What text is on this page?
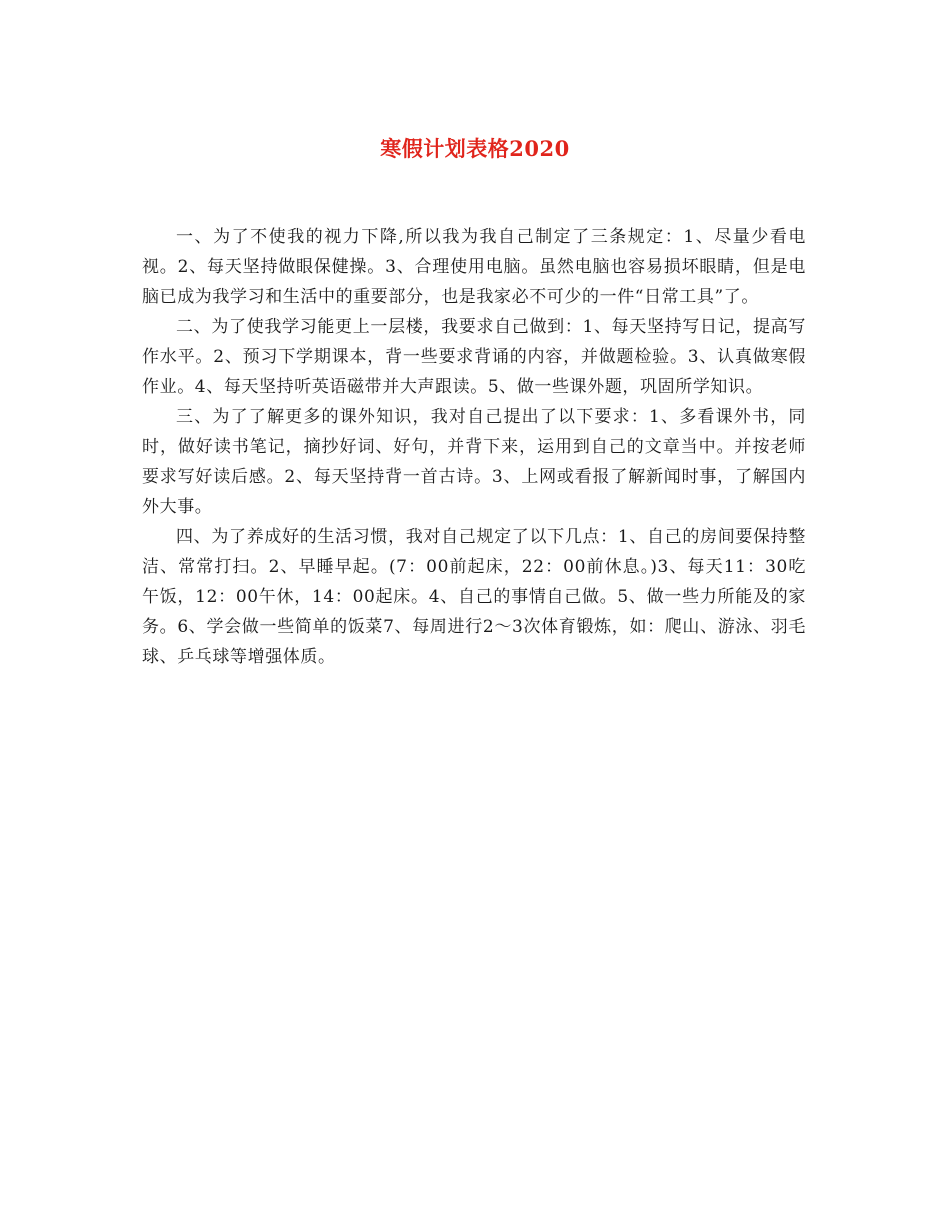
寒假计划表格2020

一、为了不使我的视力下降,所以我为我自己制定了三条规定：1、尽量少看电视。2、每天坚持做眼保健操。3、合理使用电脑。虽然电脑也容易损坏眼睛，但是电脑已成为我学习和生活中的重要部分，也是我家必不可少的一件“日常工具”了。

二、为了使我学习能更上一层楼，我要求自己做到：1、每天坚持写日记，提高写作水平。2、预习下学期课本，背一些要求背诵的内容，并做题检验。3、认真做寒假作业。4、每天坚持听英语磁带并大声跟读。5、做一些课外题，巩固所学知识。

三、为了了解更多的课外知识，我对自己提出了以下要求：1、多看课外书，同时，做好读书笔记，摘抄好词、好句，并背下来，运用到自己的文章当中。并按老师要求写好读后感。2、每天坚持背一首古诗。3、上网或看报了解新闻时事，了解国内外大事。

四、为了养成好的生活习惯，我对自己规定了以下几点：1、自己的房间要保持整洁、常常打扫。2、早睡早起。(7：00前起床，22：00前休息。)3、每天11：30吃午饭，12：00午休，14：00起床。4、自己的事情自己做。5、做一些力所能及的家务。6、学会做一些简单的饭菜7、每周进行2～3次体育锻炼，如：爬山、游泳、羽毛球、乒乓球等增强体质。
